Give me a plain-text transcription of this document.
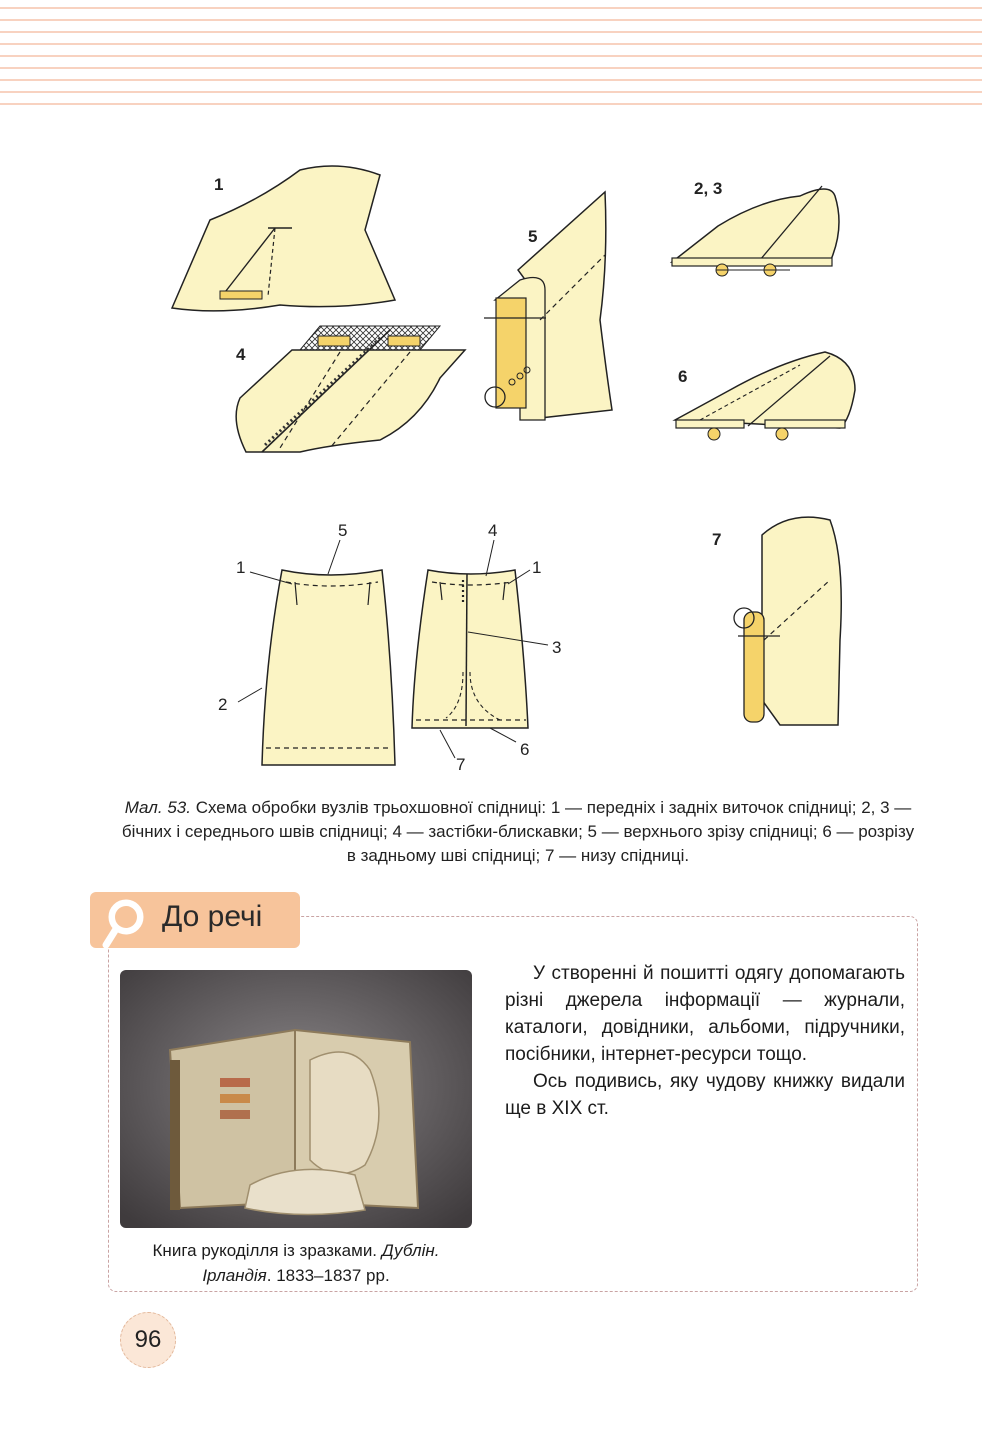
1
4
5
2, 3
6
7
1
2
5	4
1
3
6
7
Мал. 53. Схема обробки вузлів трьохшовної спідниці: 1 — передніх і задніх виточок спідниці; 2, 3 — бічних і середнього швів спідниці; 4 — застібки-блискавки; 5 — верхнього зрізу спідниці; 6 — розрізу в задньому шві спідниці; 7 — низу спідниці.
До речі
Книга рукоділля із зразками. Дублін.
Ірландія. 1833–1837 рр.

У створенні й пошитті одягу допомагають різні джерела інформації — журнали, каталоги, довідники, альбоми, підручники, посібники, інтернет-ресурси тощо.

Ось подивись, яку чудову книжку видали ще в XIX ст.

96
